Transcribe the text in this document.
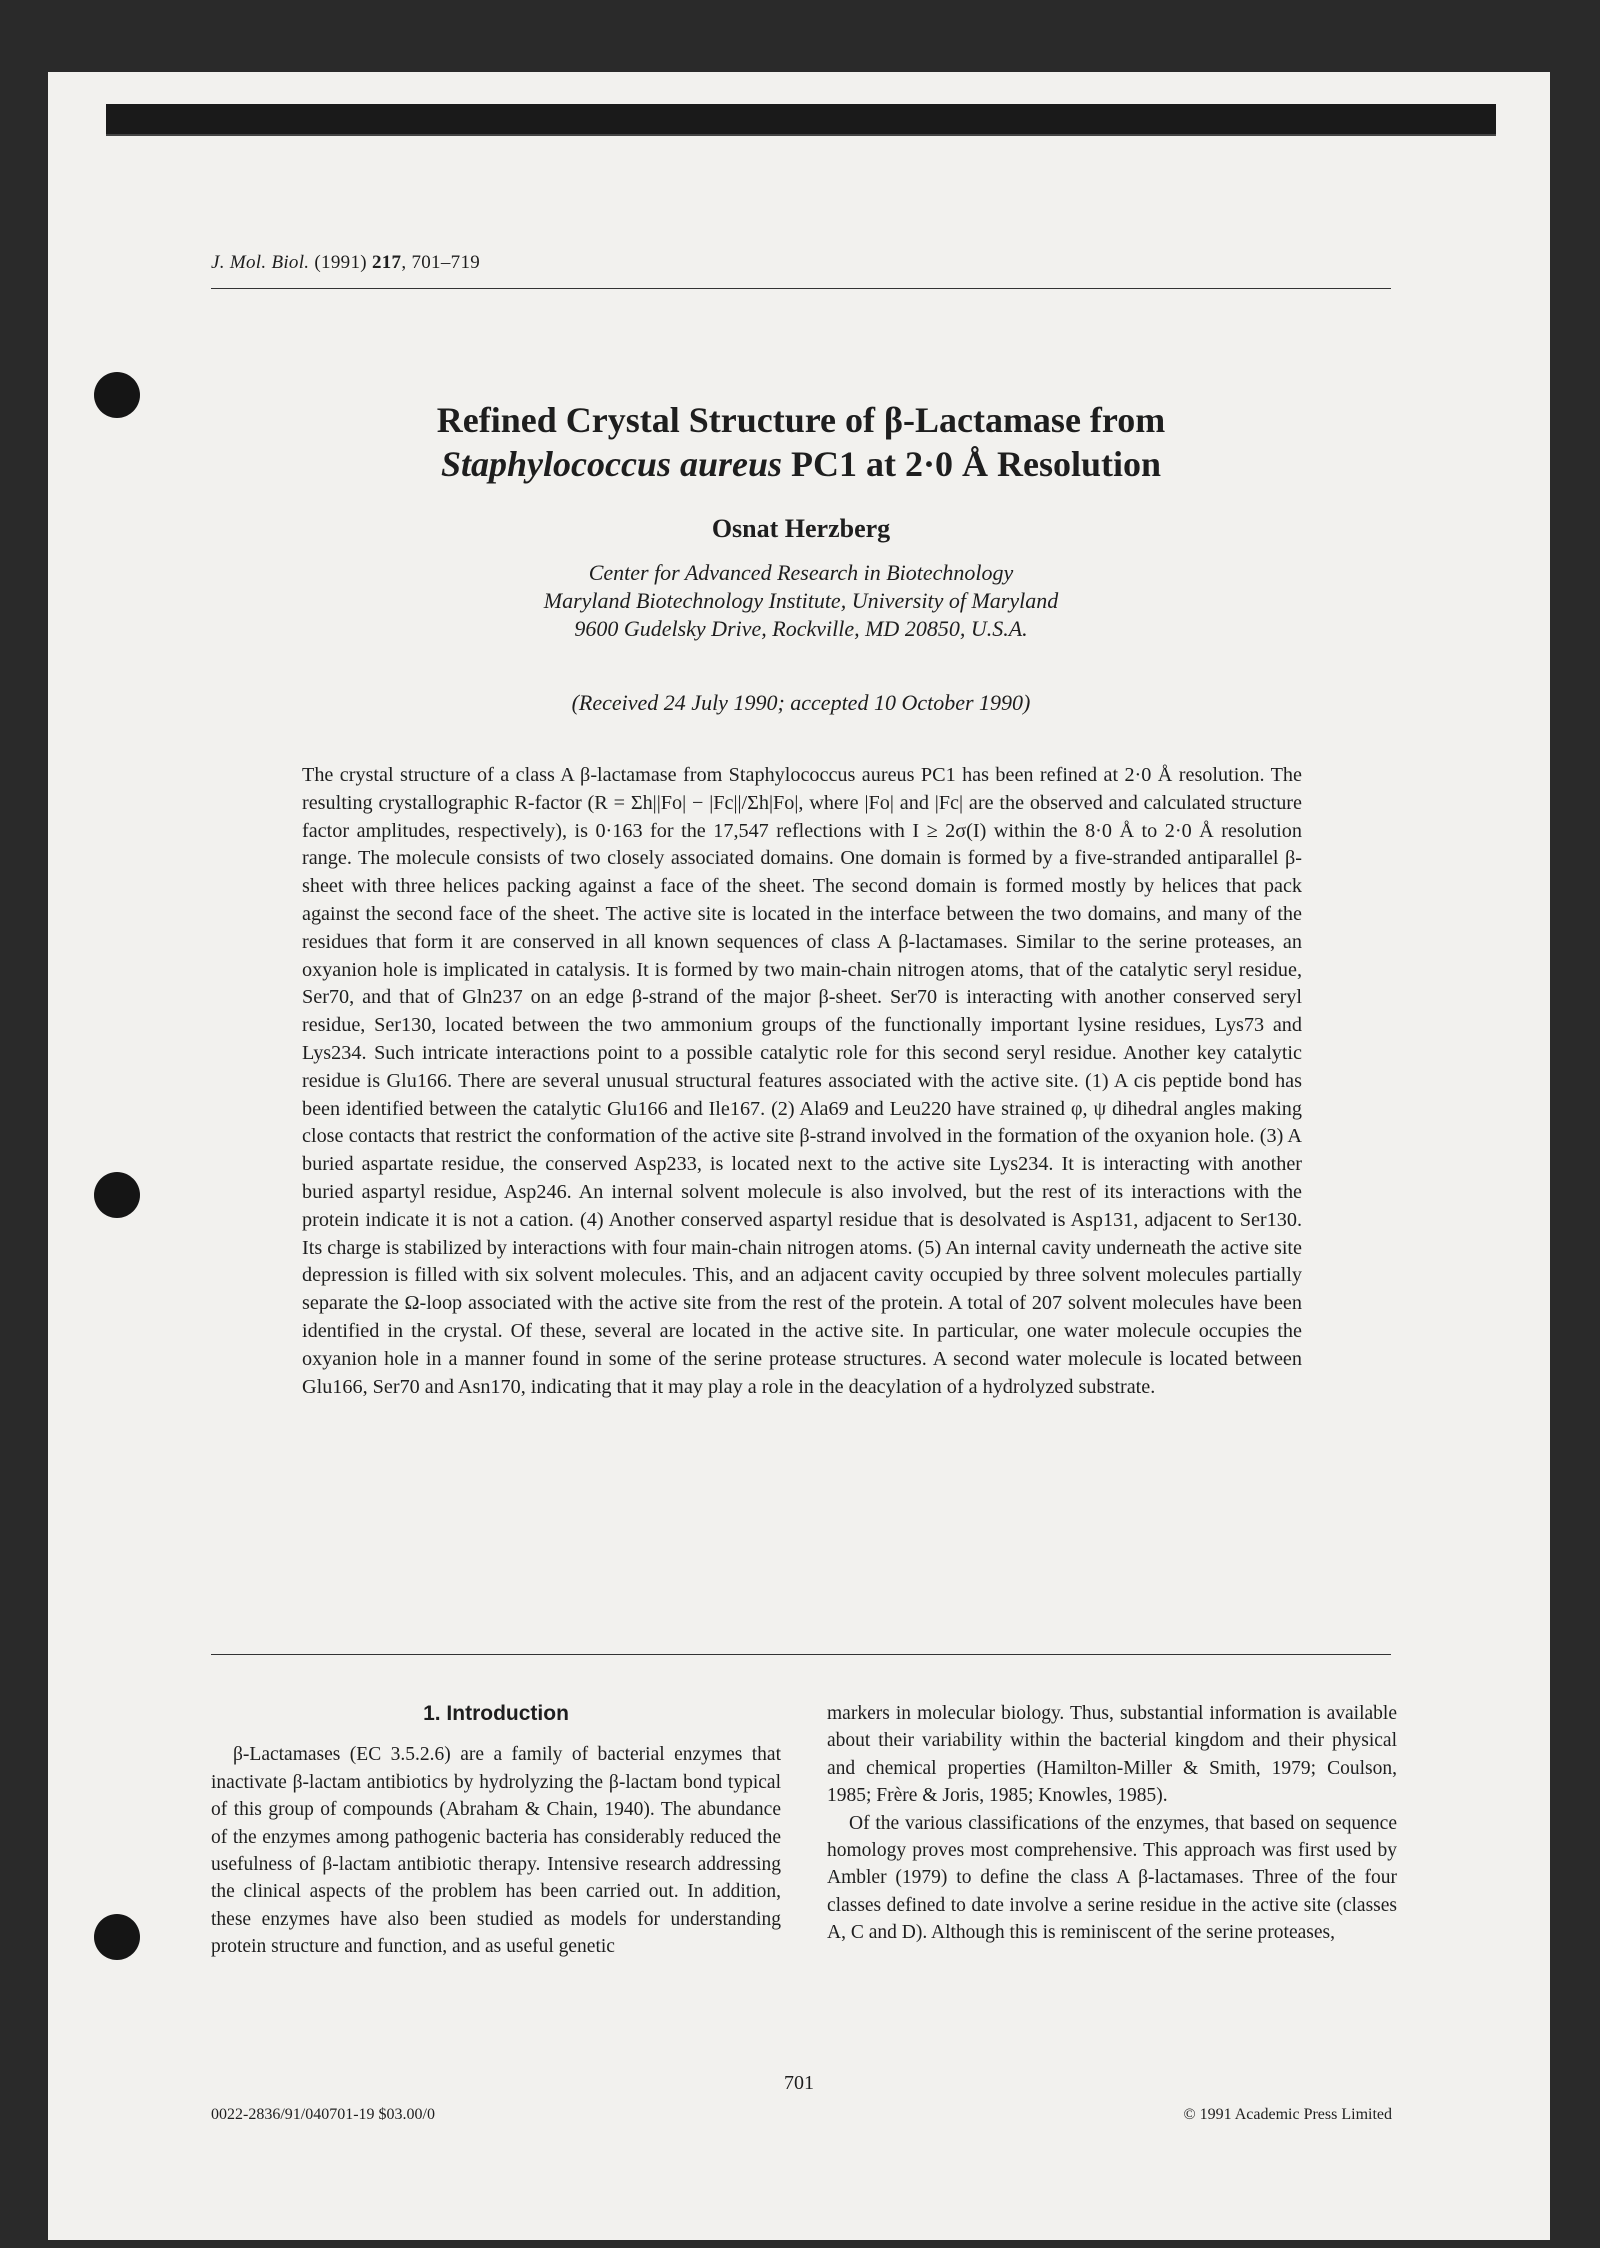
J. Mol. Biol. (1991) 217, 701–719
Refined Crystal Structure of β-Lactamase from
Staphylococcus aureus PC1 at 2·0 Å Resolution
Osnat Herzberg
Center for Advanced Research in Biotechnology
Maryland Biotechnology Institute, University of Maryland
9600 Gudelsky Drive, Rockville, MD 20850, U.S.A.
(Received 24 July 1990; accepted 10 October 1990)
The crystal structure of a class A β-lactamase from Staphylococcus aureus PC1 has been refined at 2·0 Å resolution. The resulting crystallographic R-factor (R = Σh||Fo| − |Fc||/Σh|Fo|, where |Fo| and |Fc| are the observed and calculated structure factor amplitudes, respectively), is 0·163 for the 17,547 reflections with I ≥ 2σ(I) within the 8·0 Å to 2·0 Å resolution range. The molecule consists of two closely associated domains. One domain is formed by a five-stranded antiparallel β-sheet with three helices packing against a face of the sheet. The second domain is formed mostly by helices that pack against the second face of the sheet. The active site is located in the interface between the two domains, and many of the residues that form it are conserved in all known sequences of class A β-lactamases. Similar to the serine proteases, an oxyanion hole is implicated in catalysis. It is formed by two main-chain nitrogen atoms, that of the catalytic seryl residue, Ser70, and that of Gln237 on an edge β-strand of the major β-sheet. Ser70 is interacting with another conserved seryl residue, Ser130, located between the two ammonium groups of the functionally important lysine residues, Lys73 and Lys234. Such intricate interactions point to a possible catalytic role for this second seryl residue. Another key catalytic residue is Glu166. There are several unusual structural features associated with the active site. (1) A cis peptide bond has been identified between the catalytic Glu166 and Ile167. (2) Ala69 and Leu220 have strained φ, ψ dihedral angles making close contacts that restrict the conformation of the active site β-strand involved in the formation of the oxyanion hole. (3) A buried aspartate residue, the conserved Asp233, is located next to the active site Lys234. It is interacting with another buried aspartyl residue, Asp246. An internal solvent molecule is also involved, but the rest of its interactions with the protein indicate it is not a cation. (4) Another conserved aspartyl residue that is desolvated is Asp131, adjacent to Ser130. Its charge is stabilized by interactions with four main-chain nitrogen atoms. (5) An internal cavity underneath the active site depression is filled with six solvent molecules. This, and an adjacent cavity occupied by three solvent molecules partially separate the Ω-loop associated with the active site from the rest of the protein. A total of 207 solvent molecules have been identified in the crystal. Of these, several are located in the active site. In particular, one water molecule occupies the oxyanion hole in a manner found in some of the serine protease structures. A second water molecule is located between Glu166, Ser70 and Asn170, indicating that it may play a role in the deacylation of a hydrolyzed substrate.
1. Introduction

β-Lactamases (EC 3.5.2.6) are a family of bacterial enzymes that inactivate β-lactam antibiotics by hydrolyzing the β-lactam bond typical of this group of compounds (Abraham & Chain, 1940). The abundance of the enzymes among pathogenic bacteria has considerably reduced the usefulness of β-lactam antibiotic therapy. Intensive research addressing the clinical aspects of the problem has been carried out. In addition, these enzymes have also been studied as models for understanding protein structure and function, and as useful genetic

markers in molecular biology. Thus, substantial information is available about their variability within the bacterial kingdom and their physical and chemical properties (Hamilton-Miller & Smith, 1979; Coulson, 1985; Frère & Joris, 1985; Knowles, 1985).

Of the various classifications of the enzymes, that based on sequence homology proves most comprehensive. This approach was first used by Ambler (1979) to define the class A β-lactamases. Three of the four classes defined to date involve a serine residue in the active site (classes A, C and D). Although this is reminiscent of the serine proteases,

701
0022-2836/91/040701-19 $03.00/0	© 1991 Academic Press Limited
